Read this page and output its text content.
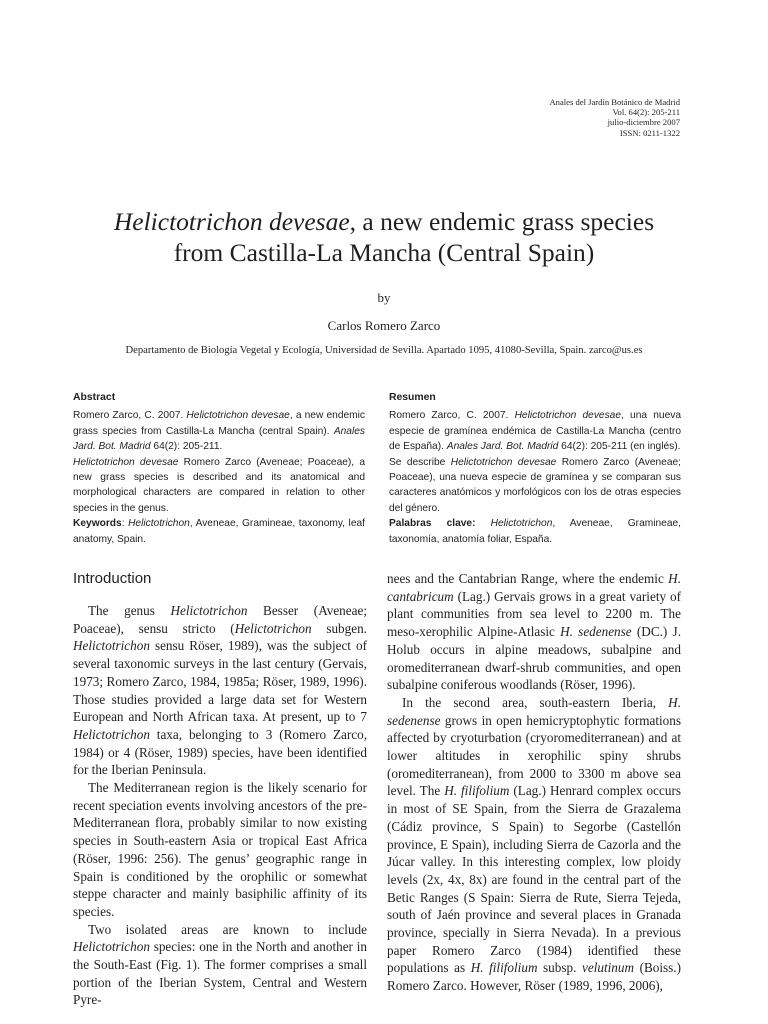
Anales del Jardín Botánico de Madrid
Vol. 64(2): 205-211
julio-diciembre 2007
ISSN: 0211-1322
Helictotrichon devesae, a new endemic grass species
from Castilla-La Mancha (Central Spain)
by
Carlos Romero Zarco
Departamento de Biología Vegetal y Ecología, Universidad de Sevilla. Apartado 1095, 41080-Sevilla, Spain. zarco@us.es
Abstract

Romero Zarco, C. 2007. Helictotrichon devesae, a new endemic grass species from Castilla-La Mancha (central Spain). Anales Jard. Bot. Madrid 64(2): 205-211.

Helictotrichon devesae Romero Zarco (Aveneae; Poaceae), a new grass species is described and its anatomical and morphological characters are compared in relation to other species in the genus.

Keywords: Helictotrichon, Aveneae, Gramineae, taxonomy, leaf anatomy, Spain.

Resumen

Romero Zarco, C. 2007. Helictotrichon devesae, una nueva especie de gramínea endémica de Castilla-La Mancha (centro de España). Anales Jard. Bot. Madrid 64(2): 205-211 (en inglés).

Se describe Helictotrichon devesae Romero Zarco (Aveneae; Poaceae), una nueva especie de gramínea y se comparan sus caracteres anatómicos y morfológicos con los de otras especies del género.

Palabras clave: Helictotrichon, Aveneae, Gramineae, taxonomía, anatomía foliar, España.

Introduction

The genus Helictotrichon Besser (Aveneae; Poaceae), sensu stricto (Helictotrichon subgen. Helictotrichon sensu Röser, 1989), was the subject of several taxonomic surveys in the last century (Gervais, 1973; Romero Zarco, 1984, 1985a; Röser, 1989, 1996). Those studies provided a large data set for Western European and North African taxa. At present, up to 7 Helictotrichon taxa, belonging to 3 (Romero Zarco, 1984) or 4 (Röser, 1989) species, have been identified for the Iberian Peninsula.

The Mediterranean region is the likely scenario for recent speciation events involving ancestors of the pre-Mediterranean flora, probably similar to now existing species in South-eastern Asia or tropical East Africa (Röser, 1996: 256). The genus’ geographic range in Spain is conditioned by the orophilic or somewhat steppe character and mainly basiphilic affinity of its species.

Two isolated areas are known to include Helictotrichon species: one in the North and another in the South-East (Fig. 1). The former comprises a small portion of the Iberian System, Central and Western Pyre-

nees and the Cantabrian Range, where the endemic H. cantabricum (Lag.) Gervais grows in a great variety of plant communities from sea level to 2200 m. The meso-xerophilic Alpine-Atlasic H. sedenense (DC.) J. Holub occurs in alpine meadows, subalpine and oromediterranean dwarf-shrub communities, and open subalpine coniferous woodlands (Röser, 1996).

In the second area, south-eastern Iberia, H. sedenense grows in open hemicryptophytic formations affected by cryoturbation (cryoromediterranean) and at lower altitudes in xerophilic spiny shrubs (oromediterranean), from 2000 to 3300 m above sea level. The H. filifolium (Lag.) Henrard complex occurs in most of SE Spain, from the Sierra de Grazalema (Cádiz province, S Spain) to Segorbe (Castellón province, E Spain), including Sierra de Cazorla and the Júcar valley. In this interesting complex, low ploidy levels (2x, 4x, 8x) are found in the central part of the Betic Ranges (S Spain: Sierra de Rute, Sierra Tejeda, south of Jaén province and several places in Granada province, specially in Sierra Nevada). In a previous paper Romero Zarco (1984) identified these populations as H. filifolium subsp. velutinum (Boiss.) Romero Zarco. However, Röser (1989, 1996, 2006),
